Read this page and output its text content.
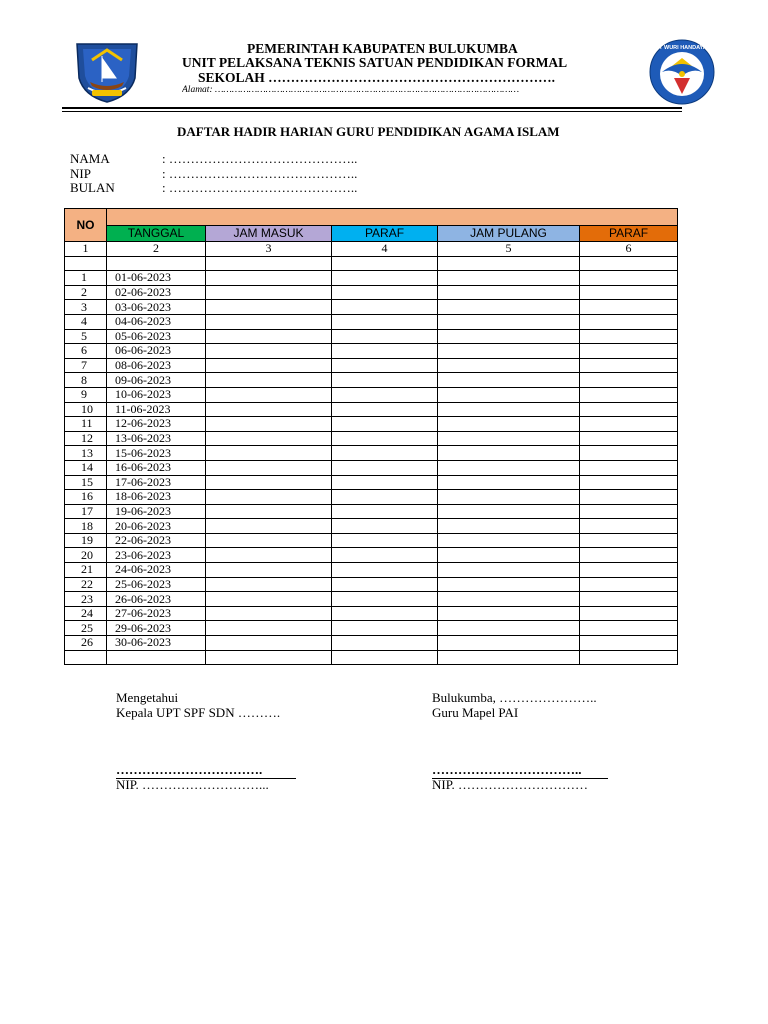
TUT WURI HANDAYANI
PEMERINTAH KABUPATEN BULUKUMBA
UNIT PELAKSANA TEKNIS SATUAN PENDIDIKAN FORMAL
SEKOLAH ……………………………………………………….
Alamat: ………………………………………………………………………………………………
DAFTAR HADIR HARIAN GURU PENDIDIKAN AGAMA ISLAM
NAMA	: ……………………………………..
NIP	: ……………………………………..
BULAN	: ……………………………………..
NO					
	TANGGAL	JAM MASUK	PARAF	JAM PULANG	PARAF
1	2	3	4	5	6

1	01-06-2023				
2	02-06-2023				
3	03-06-2023				
4	04-06-2023				
5	05-06-2023				
6	06-06-2023				
7	08-06-2023				
8	09-06-2023				
9	10-06-2023				
10	11-06-2023				
11	12-06-2023				
12	13-06-2023				
13	15-06-2023				
14	16-06-2023				
15	17-06-2023				
16	18-06-2023				
17	19-06-2023				
18	20-06-2023				
19	22-06-2023				
20	23-06-2023				
21	24-06-2023				
22	25-06-2023				
23	26-06-2023				
24	27-06-2023				
25	29-06-2023				
26	30-06-2023				

Mengetahui
Kepala UPT SPF SDN ……….
…………………………….
NIP. ………………………...
Bulukumba, …………………..
Guru Mapel PAI
……………………………..
NIP. …………………………
